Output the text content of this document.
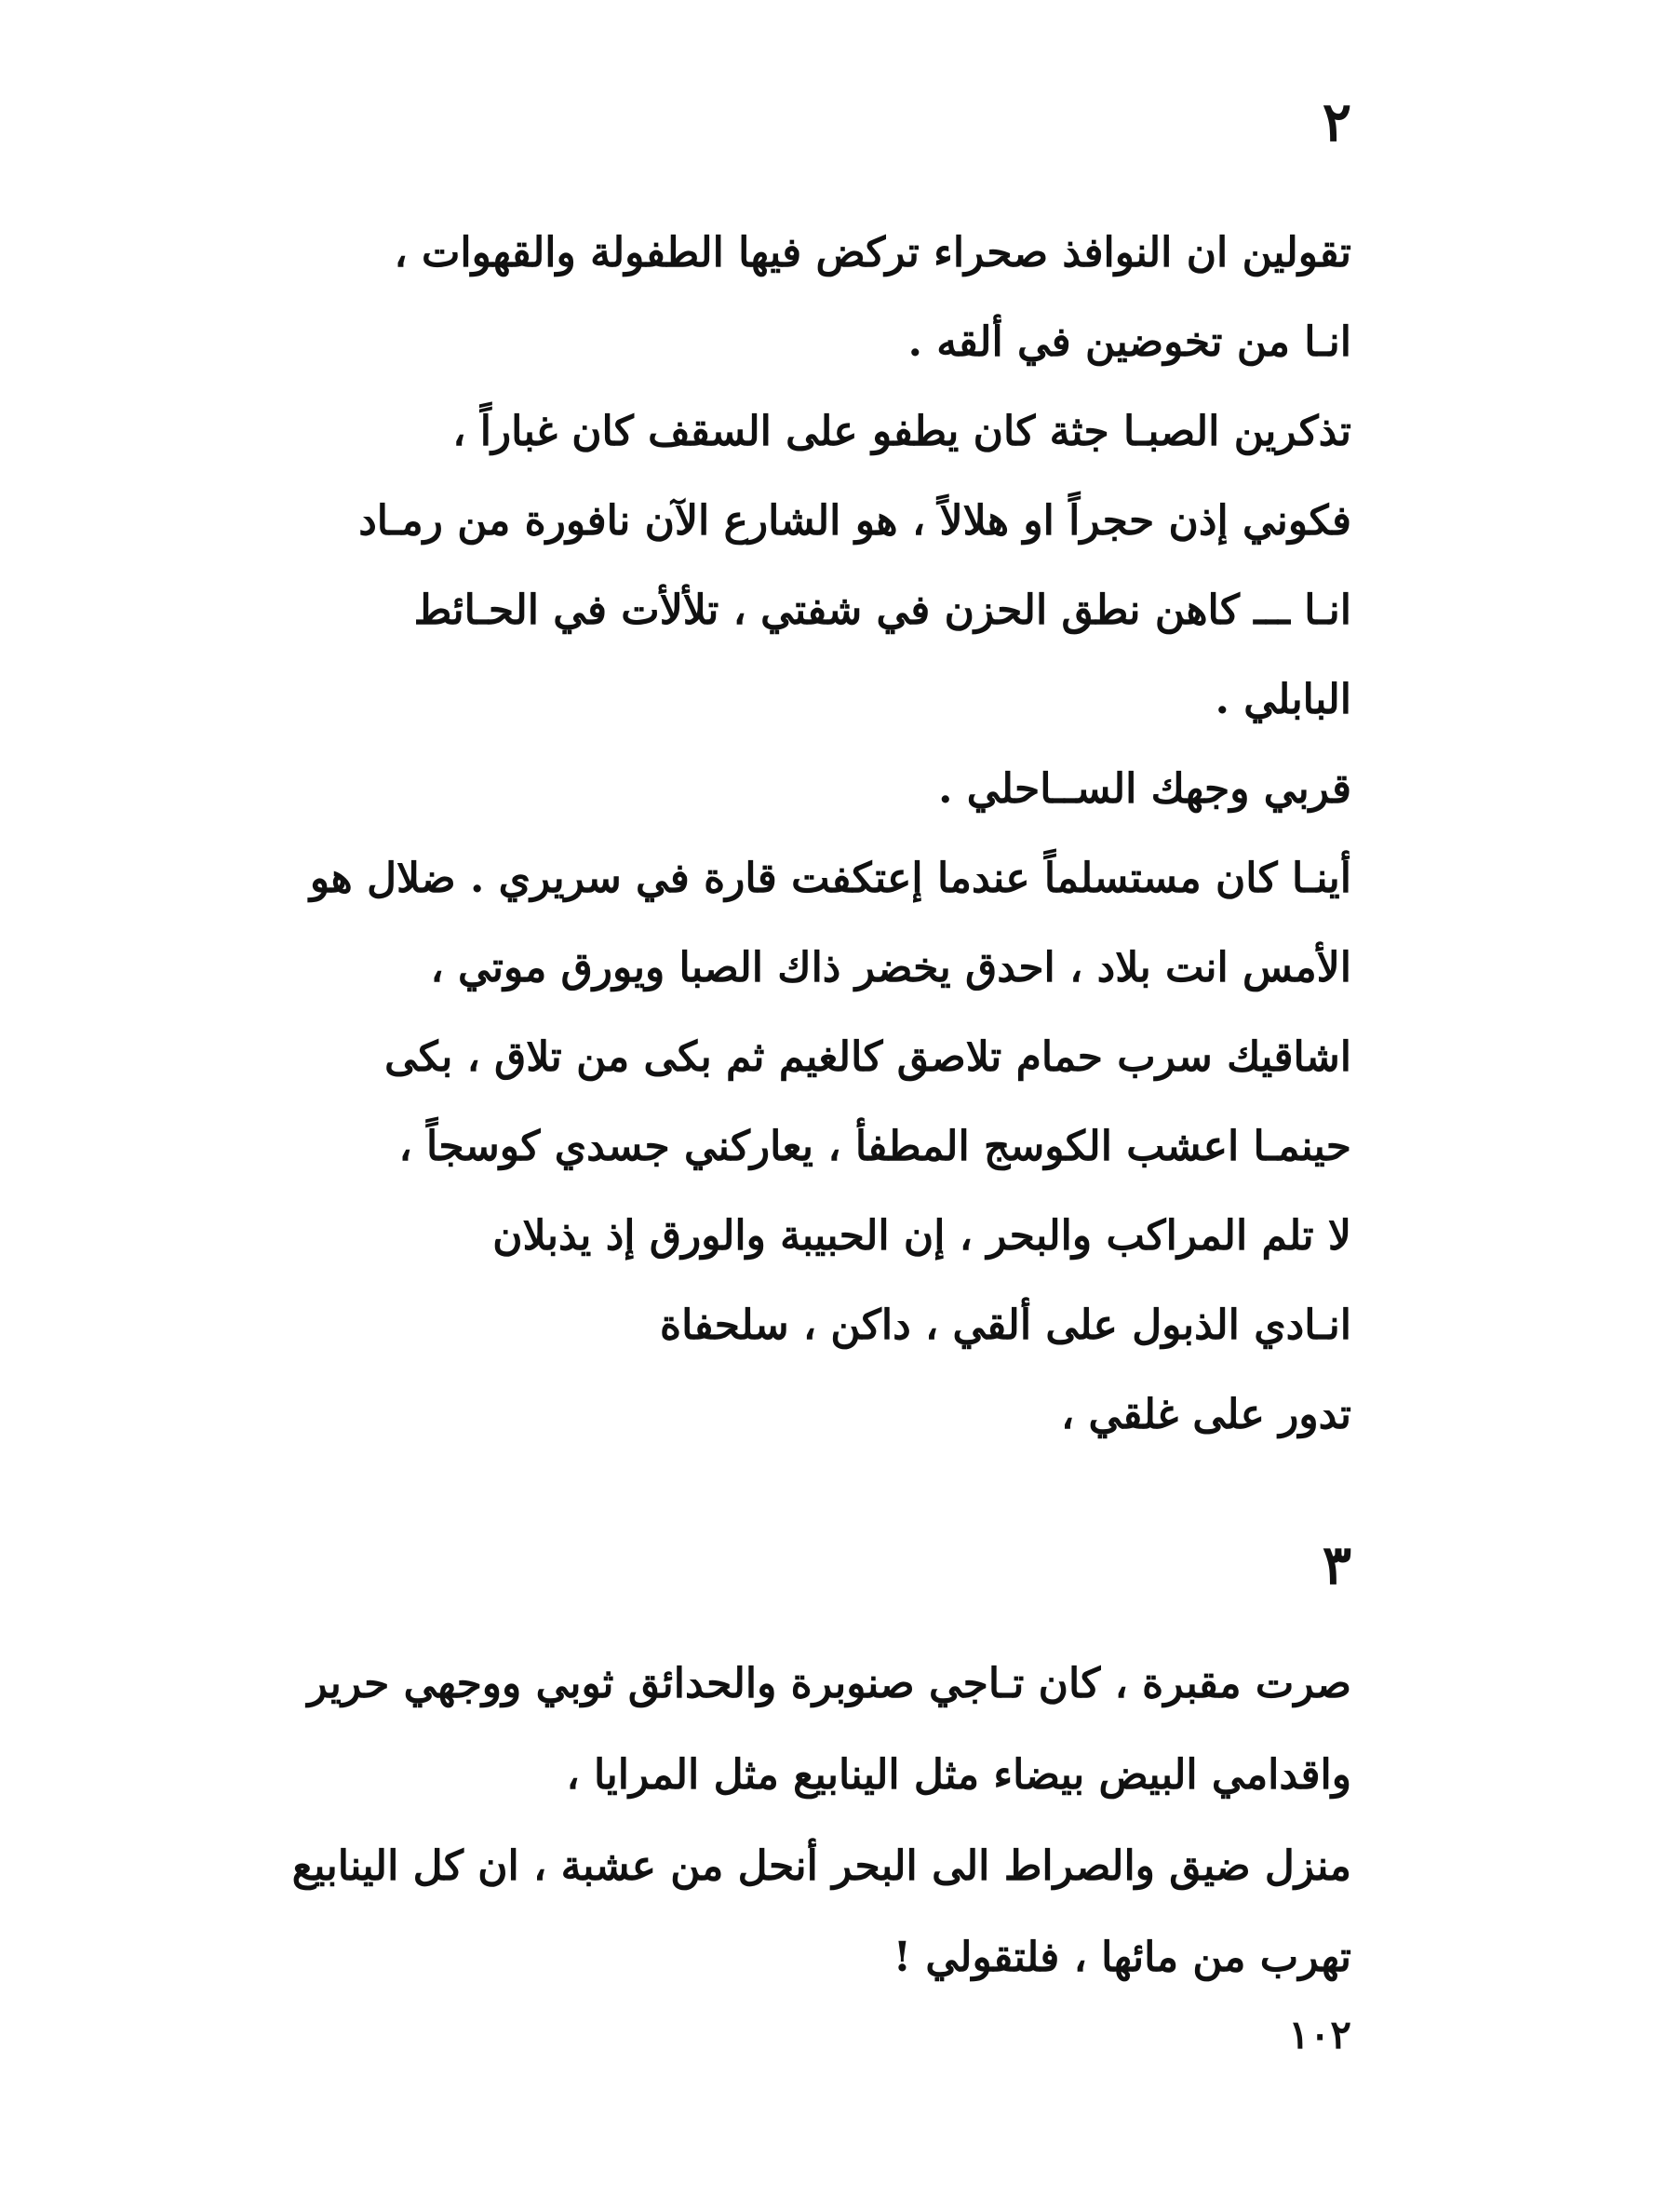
٢
تقولين ان النوافذ صحراء تركض فيها الطفولة والقهوات ،
انـا من تخوضين في ألقه .
تذكرين الصبـا جثة كان يطفو على السقف كان غباراً ،
فكوني إذن حجراً او هلالاً ، هو الشارع الآن نافورة من رمـاد
انـا ـــ كاهن نطق الحزن في شفتي ، تلألأت في الحـائط
البابلي .
قربي وجهك الســاحلي .
أينـا كان مستسلماً عندما إعتكفت قارة في سريري . ضلال هو
الأمس انت بلاد ، احدق يخضر ذاك الصبا ويورق موتي ،
اشاقيك سرب حمام تلاصق كالغيم ثم بكى من تلاق ، بكى
حينمـا اعشب الكوسج المطفأ ، يعاركني جسدي كوسجاً ،
لا تلم المراكب والبحر ، إن الحبيبة والورق إذ يذبلان
انـادي الذبول على ألقي ، داكن ، سلحفاة
تدور على غلقي ،
٣
صرت مقبرة ، كان تـاجي صنوبرة والحدائق ثوبي ووجهي حرير
واقدامي البيض بيضاء مثل الينابيع مثل المرايا ،
منزل ضيق والصراط الى البحر أنحل من عشبة ، ان كل الينابيع
تهرب من مائها ، فلتقولي !
١٠٢
